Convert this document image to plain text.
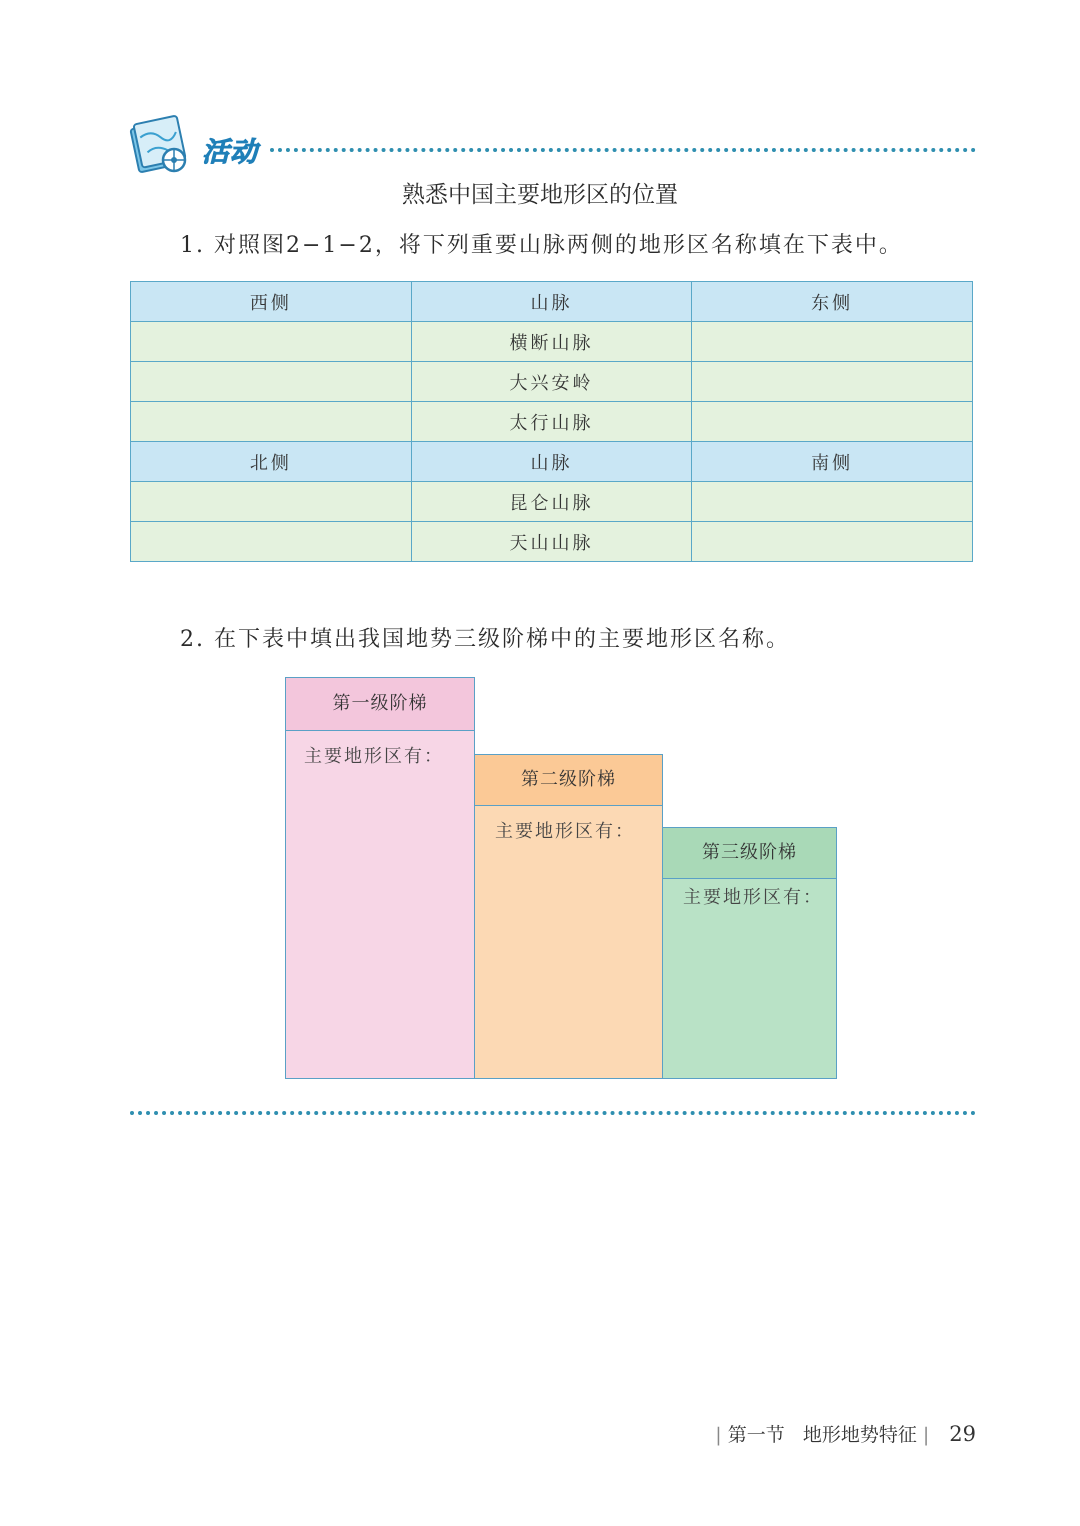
活动
熟悉中国主要地形区的位置
1. 对照图2−1−2，将下列重要山脉两侧的地形区名称填在下表中。
西侧	山脉	东侧
	横断山脉	
	大兴安岭	
	太行山脉	
北侧	山脉	南侧
	昆仑山脉	
	天山山脉	
2. 在下表中填出我国地势三级阶梯中的主要地形区名称。
第一级阶梯
主要地形区有：
第二级阶梯
主要地形区有：
第三级阶梯
主要地形区有：
| 第一节 地形地势特征 | 29
